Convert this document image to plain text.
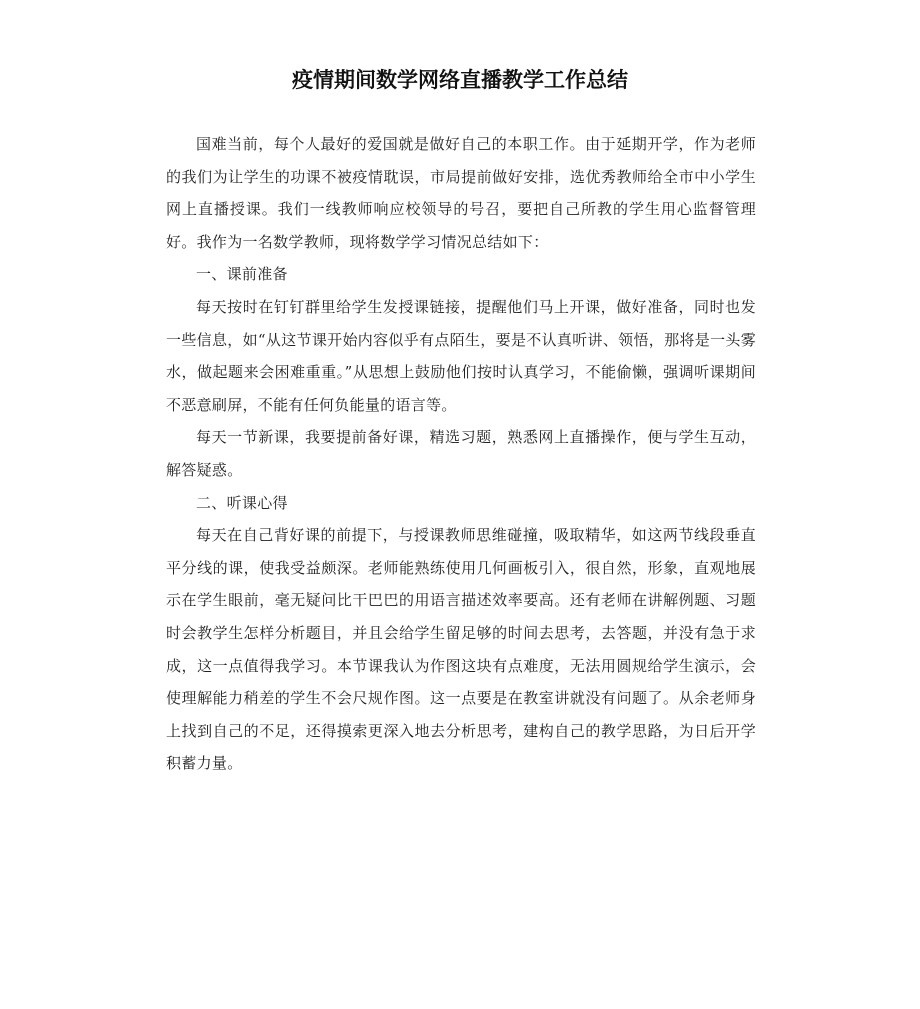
疫情期间数学网络直播教学工作总结

国难当前，每个人最好的爱国就是做好自己的本职工作。由于延期开学，作为老师的我们为让学生的功课不被疫情耽误，市局提前做好安排，选优秀教师给全市中小学生网上直播授课。我们一线教师响应校领导的号召，要把自己所教的学生用心监督管理好。我作为一名数学教师，现将数学学习情况总结如下：

一、课前准备

每天按时在钉钉群里给学生发授课链接，提醒他们马上开课，做好准备，同时也发一些信息，如“从这节课开始内容似乎有点陌生，要是不认真听讲、领悟，那将是一头雾水，做起题来会困难重重。”从思想上鼓励他们按时认真学习，不能偷懒，强调听课期间不恶意刷屏，不能有任何负能量的语言等。

每天一节新课，我要提前备好课，精选习题，熟悉网上直播操作，便与学生互动，解答疑惑。

二、听课心得

每天在自己背好课的前提下，与授课教师思维碰撞，吸取精华，如这两节线段垂直平分线的课，使我受益颇深。老师能熟练使用几何画板引入，很自然，形象，直观地展示在学生眼前，毫无疑问比干巴巴的用语言描述效率要高。还有老师在讲解例题、习题时会教学生怎样分析题目，并且会给学生留足够的时间去思考，去答题，并没有急于求成，这一点值得我学习。本节课我认为作图这块有点难度，无法用圆规给学生演示，会使理解能力稍差的学生不会尺规作图。这一点要是在教室讲就没有问题了。从余老师身上找到自己的不足，还得摸索更深入地去分析思考，建构自己的教学思路，为日后开学积蓄力量。
